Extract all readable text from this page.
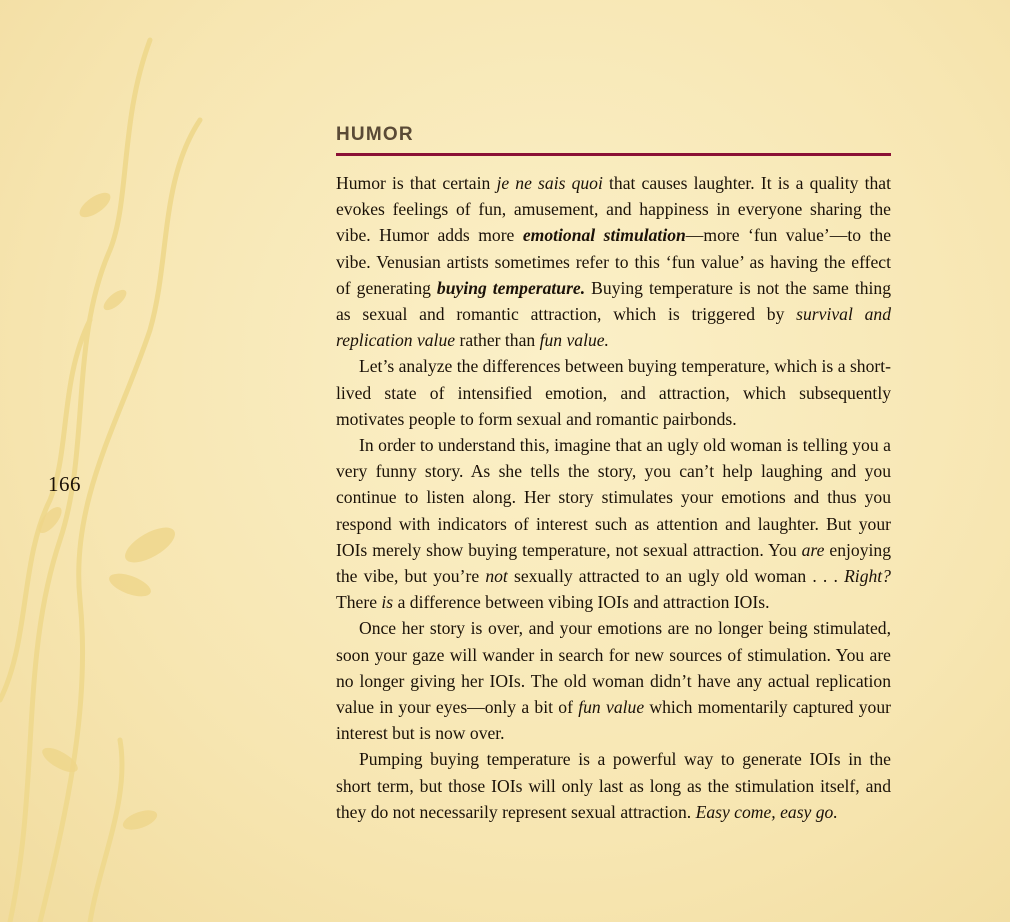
166
HUMOR

Humor is that certain je ne sais quoi that causes laughter. It is a quality that evokes feelings of fun, amusement, and happiness in everyone sharing the vibe. Humor adds more emotional stimulation—more ‘fun value’—to the vibe. Venusian artists sometimes refer to this ‘fun value’ as having the effect of generating buying temperature. Buying temperature is not the same thing as sexual and romantic attraction, which is triggered by survival and replication value rather than fun value.

Let’s analyze the differences between buying temperature, which is a short-lived state of intensified emotion, and attraction, which subsequently motivates people to form sexual and romantic pairbonds.

In order to understand this, imagine that an ugly old woman is telling you a very funny story. As she tells the story, you can’t help laughing and you continue to listen along. Her story stimulates your emotions and thus you respond with indicators of interest such as attention and laughter. But your IOIs merely show buying temperature, not sexual attraction. You are enjoying the vibe, but you’re not sexually attracted to an ugly old woman . . . Right? There is a difference between vibing IOIs and attraction IOIs.

Once her story is over, and your emotions are no longer being stimulated, soon your gaze will wander in search for new sources of stimulation. You are no longer giving her IOIs. The old woman didn’t have any actual replication value in your eyes—only a bit of fun value which momentarily captured your interest but is now over.

Pumping buying temperature is a powerful way to generate IOIs in the short term, but those IOIs will only last as long as the stimulation itself, and they do not necessarily represent sexual attraction. Easy come, easy go.
